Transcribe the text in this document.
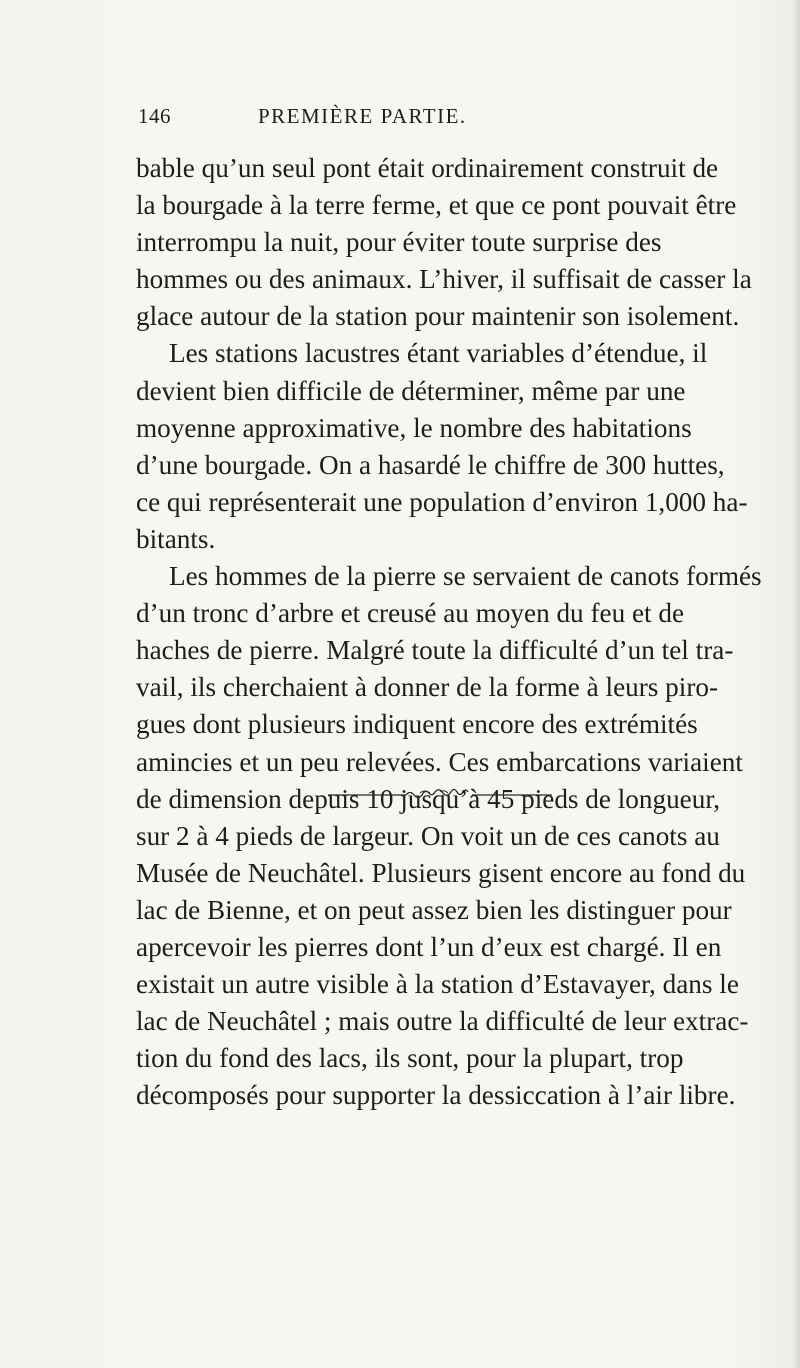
146	PREMIÈRE PARTIE.
bable qu’un seul pont était ordinairement construit de
la bourgade à la terre ferme, et que ce pont pouvait être
interrompu la nuit, pour éviter toute surprise des
hommes ou des animaux. L’hiver, il suffisait de casser la
glace autour de la station pour maintenir son isolement.
Les stations lacustres étant variables d’étendue, il
devient bien difficile de déterminer, même par une
moyenne approximative, le nombre des habitations
d’une bourgade. On a hasardé le chiffre de 300 huttes,
ce qui représenterait une population d’environ 1,000 ha-
bitants.
Les hommes de la pierre se servaient de canots formés
d’un tronc d’arbre et creusé au moyen du feu et de
haches de pierre. Malgré toute la difficulté d’un tel tra-
vail, ils cherchaient à donner de la forme à leurs piro-
gues dont plusieurs indiquent encore des extrémités
amincies et un peu relevées. Ces embarcations variaient
de dimension depuis 10 jusqu’à 45 pieds de longueur,
sur 2 à 4 pieds de largeur. On voit un de ces canots au
Musée de Neuchâtel. Plusieurs gisent encore au fond du
lac de Bienne, et on peut assez bien les distinguer pour
apercevoir les pierres dont l’un d’eux est chargé. Il en
existait un autre visible à la station d’Estavayer, dans le
lac de Neuchâtel ; mais outre la difficulté de leur extrac-
tion du fond des lacs, ils sont, pour la plupart, trop
décomposés pour supporter la dessiccation à l’air libre.
